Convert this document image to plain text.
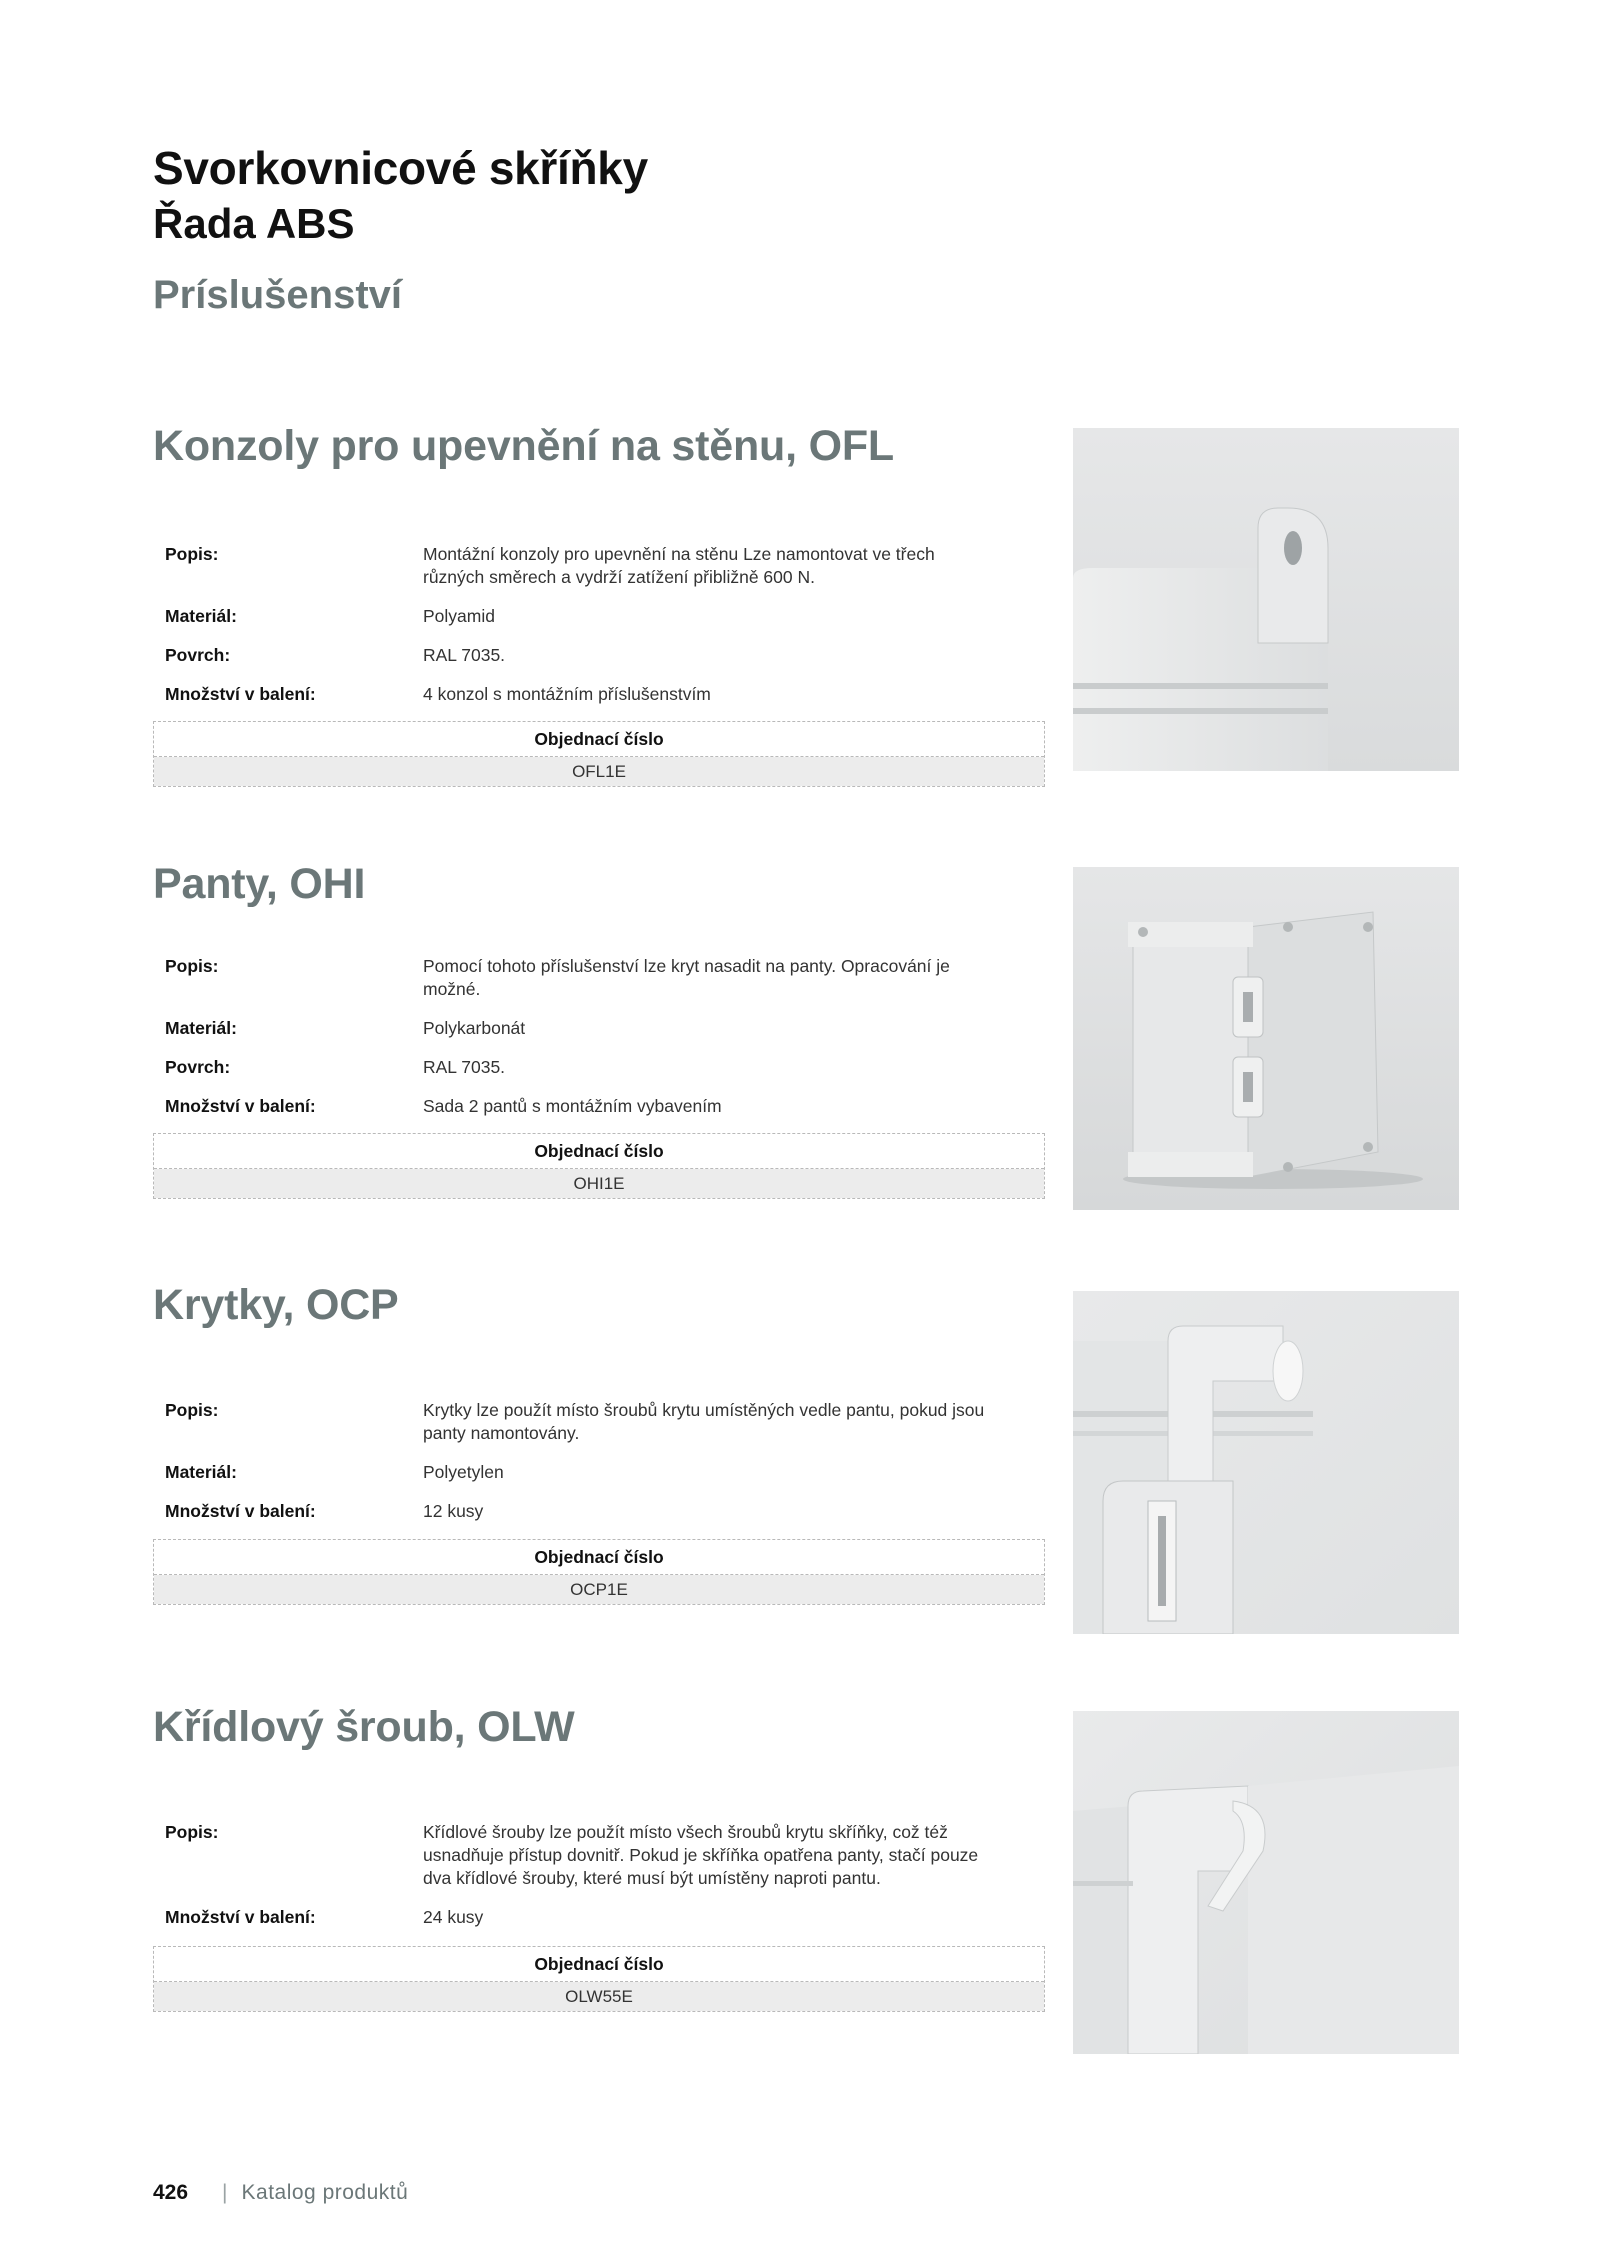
Svorkovnicové skříňky
Řada ABS
Príslušenství
Konzoly pro upevnění na stěnu, OFL
Popis:	Montážní konzoly pro upevnění na stěnu Lze namontovat ve třech různých směrech a vydrží zatížení přibližně 600 N.
Materiál:	Polyamid
Povrch:	RAL 7035.
Množství v balení:	4 konzol s montážním příslušenstvím
Objednací číslo
OFL1E
Panty, OHI
Popis:	Pomocí tohoto příslušenství lze kryt nasadit na panty. Opracování je možné.
Materiál:	Polykarbonát
Povrch:	RAL 7035.
Množství v balení:	Sada 2 pantů s montážním vybavením
Objednací číslo
OHI1E
Krytky, OCP
Popis:	Krytky lze použít místo šroubů krytu umístěných vedle pantu, pokud jsou panty namontovány.
Materiál:	Polyetylen
Množství v balení:	12 kusy
Objednací číslo
OCP1E
Křídlový šroub, OLW
Popis:	Křídlové šrouby lze použít místo všech šroubů krytu skříňky, což též usnadňuje přístup dovnitř. Pokud je skříňka opatřena panty, stačí pouze dva křídlové šrouby, které musí být umístěny naproti pantu.
Množství v balení:	24 kusy
Objednací číslo
OLW55E
426 | Katalog produktů
